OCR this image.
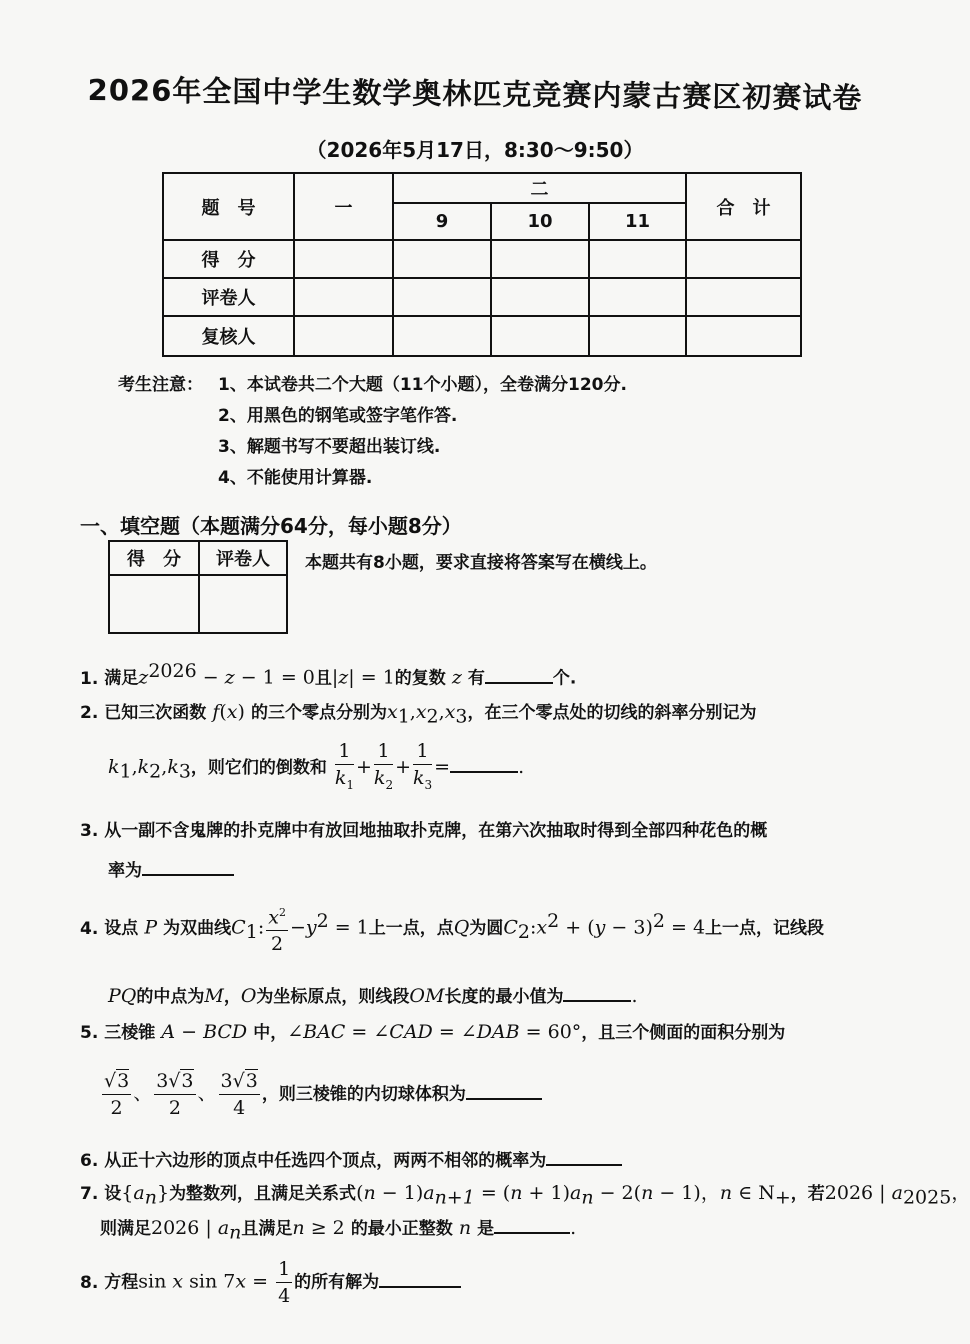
2026年全国中学生数学奥林匹克竞赛内蒙古赛区初赛试卷
（2026年5月17日，8:30～9:50）
题　号	一	二			合　计
		9	10	11	
得　分					
评卷人					
复核人					
考生注意： 1、本试卷共二个大题（11个小题），全卷满分120分.
2、用黑色的钢笔或签字笔作答.
3、解题书写不要超出装订线.
4、不能使用计算器.
一、填空题（本题满分64分，每小题8分）
得　分	评卷人
	本题共有8小题，要求直接将答案写在横线上。
1. 满足$z^{2026} - z - 1 = 0$且|z| = 1的复数 z 有	个.
2. 已知三次函数 f(x) 的三个零点分别为$x_1,x_2,x_3$，在三个零点处的切线的斜率分别记为
$k_1,k_2,k_3$，则它们的倒数和 $\frac{1}{k_1} + \frac{1}{k_2} + \frac{1}{k_3}$ =	.
3. 从一副不含鬼牌的扑克牌中有放回地抽取扑克牌，在第六次抽取时得到全部四种花色的概
率为
4. 设点 P 为双曲线$C_1$: $\frac{x^2}{2} -y^2 = 1$上一点，点Q为圆$C_2:x^2 + (y - 3)^2 = 4$上一点，记线段
PQ的中点为M，O为坐标原点，则线段OM长度的最小值为	.
5. 三棱锥 A − BCD 中，∠BAC = ∠CAD = ∠DAB = 60°，且三个侧面的面积分别为
$\frac{√3}{2}$ 、 $\frac{3√3}{2}$ 、 $\frac{3√3}{4}$ ，则三棱锥的内切球体积为
6. 从正十六边形的顶点中任选四个顶点，两两不相邻的概率为
7. 设$\{a_n\}$为整数列，且满足关系式$(n - 1)a_{n+1} = (n + 1)a_n - 2(n - 1)$，n ∈ $N_+$，若2026 | $a_{2025}$，
则满足2026 | $a_n$且满足n ≥ 2 的最小正整数 n 是	.
8. 方程sin x $\sin 7x = \frac{1}{4}$ 的所有解为
